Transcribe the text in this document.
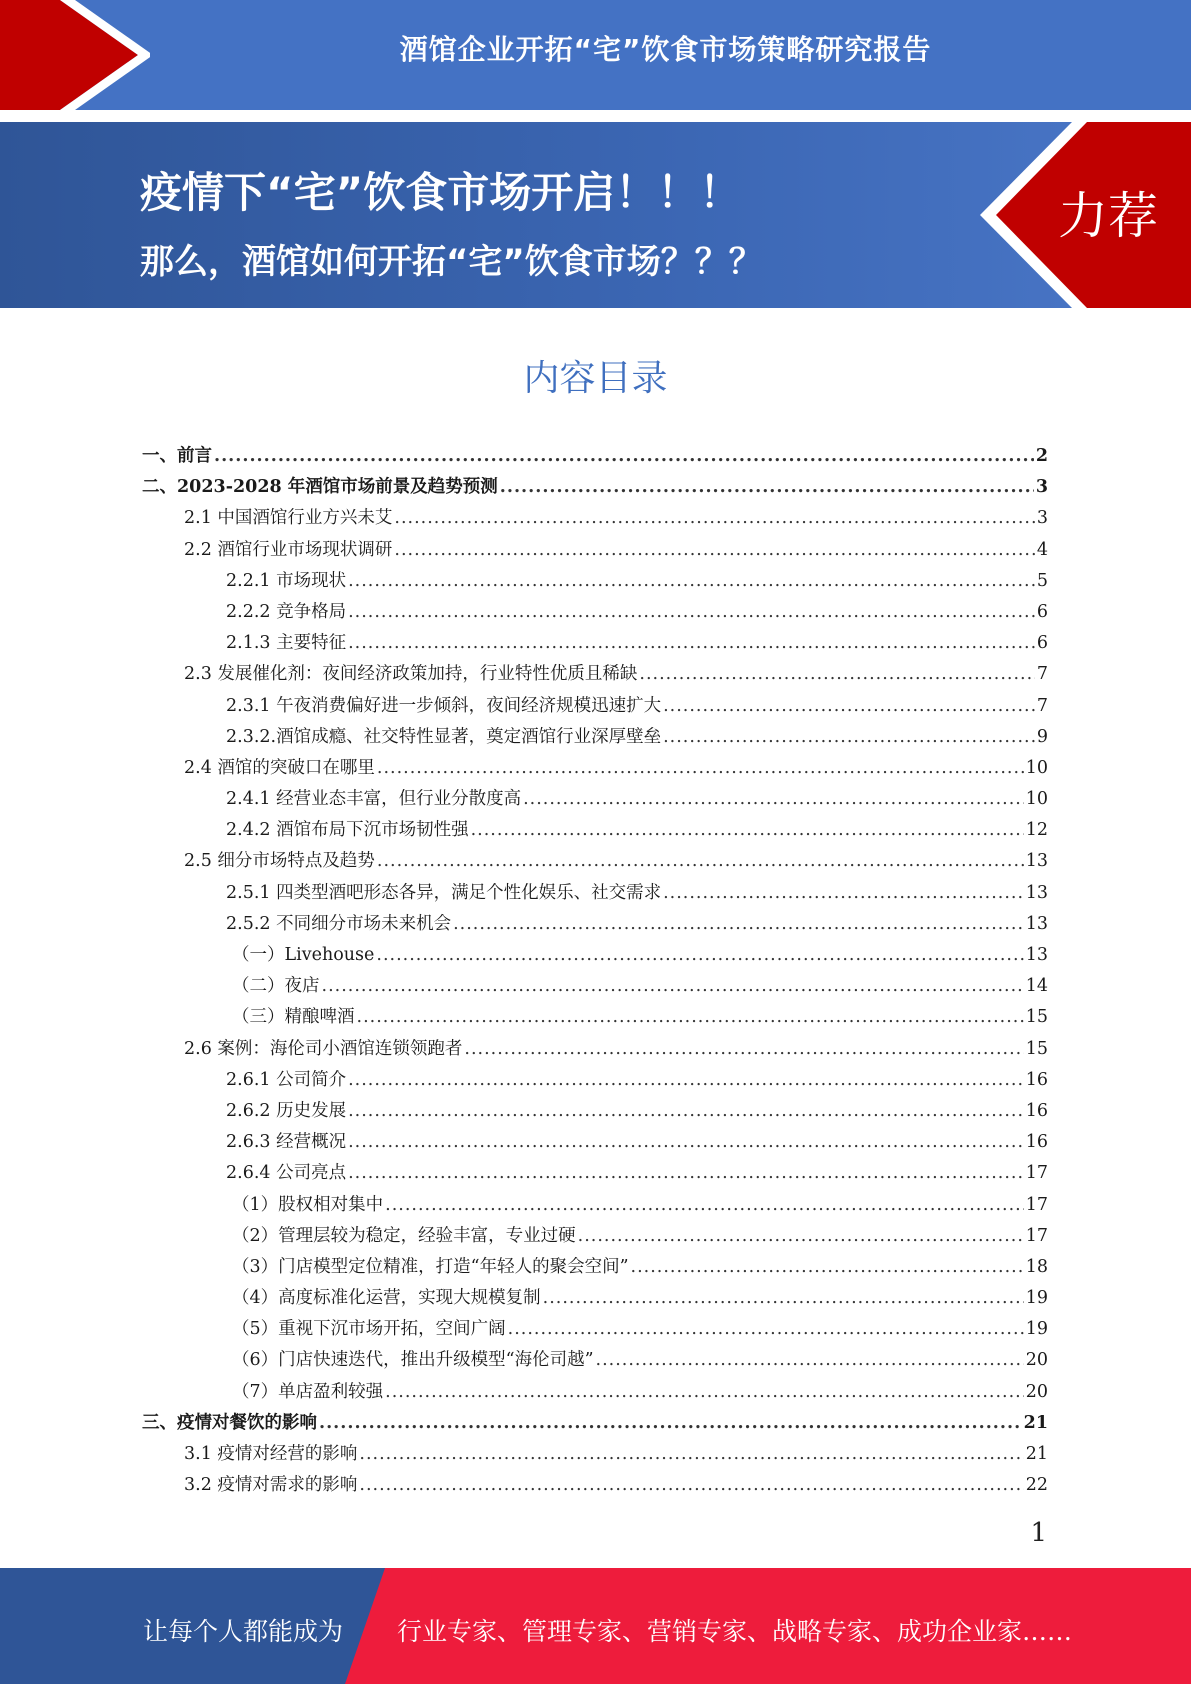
酒馆企业开拓“宅”饮食市场策略研究报告
疫情下“宅”饮食市场开启！！！
那么，酒馆如何开拓“宅”饮食市场？？？
力荐
内容目录
一、前言 .....	2
二、2023-2028 年酒馆市场前景及趋势预测 .....	3
2.1 中国酒馆行业方兴未艾 .....	3
2.2 酒馆行业市场现状调研 .....	4
2.2.1 市场现状 .....	5
2.2.2 竞争格局 .....	6
2.1.3 主要特征 .....	6
2.3 发展催化剂：夜间经济政策加持，行业特性优质且稀缺 .....	7
2.3.1 午夜消费偏好进一步倾斜，夜间经济规模迅速扩大 .....	7
2.3.2.酒馆成瘾、社交特性显著，奠定酒馆行业深厚壁垒 .....	9
2.4 酒馆的突破口在哪里 .....	10
2.4.1 经营业态丰富，但行业分散度高 .....	10
2.4.2 酒馆布局下沉市场韧性强 .....	12
2.5 细分市场特点及趋势 .....	13
2.5.1 四类型酒吧形态各异，满足个性化娱乐、社交需求 .....	13
2.5.2 不同细分市场未来机会 .....	13
（一）Livehouse .....	13
（二）夜店 .....	14
（三）精酿啤酒 .....	15
2.6 案例：海伦司小酒馆连锁领跑者 .....	15
2.6.1 公司简介 .....	16
2.6.2 历史发展 .....	16
2.6.3 经营概况 .....	16
2.6.4 公司亮点 .....	17
（1）股权相对集中 .....	17
（2）管理层较为稳定，经验丰富，专业过硬 .....	17
（3）门店模型定位精准，打造“年轻人的聚会空间” .....	18
（4）高度标准化运营，实现大规模复制 .....	19
（5）重视下沉市场开拓，空间广阔 .....	19
（6）门店快速迭代，推出升级模型“海伦司越” .....	20
（7）单店盈利较强 .....	20
三、疫情对餐饮的影响 .....	21
3.1 疫情对经营的影响 .....	21
3.2 疫情对需求的影响 .....	22
1
让每个人都能成为 行业专家、管理专家、营销专家、战略专家、成功企业家……
